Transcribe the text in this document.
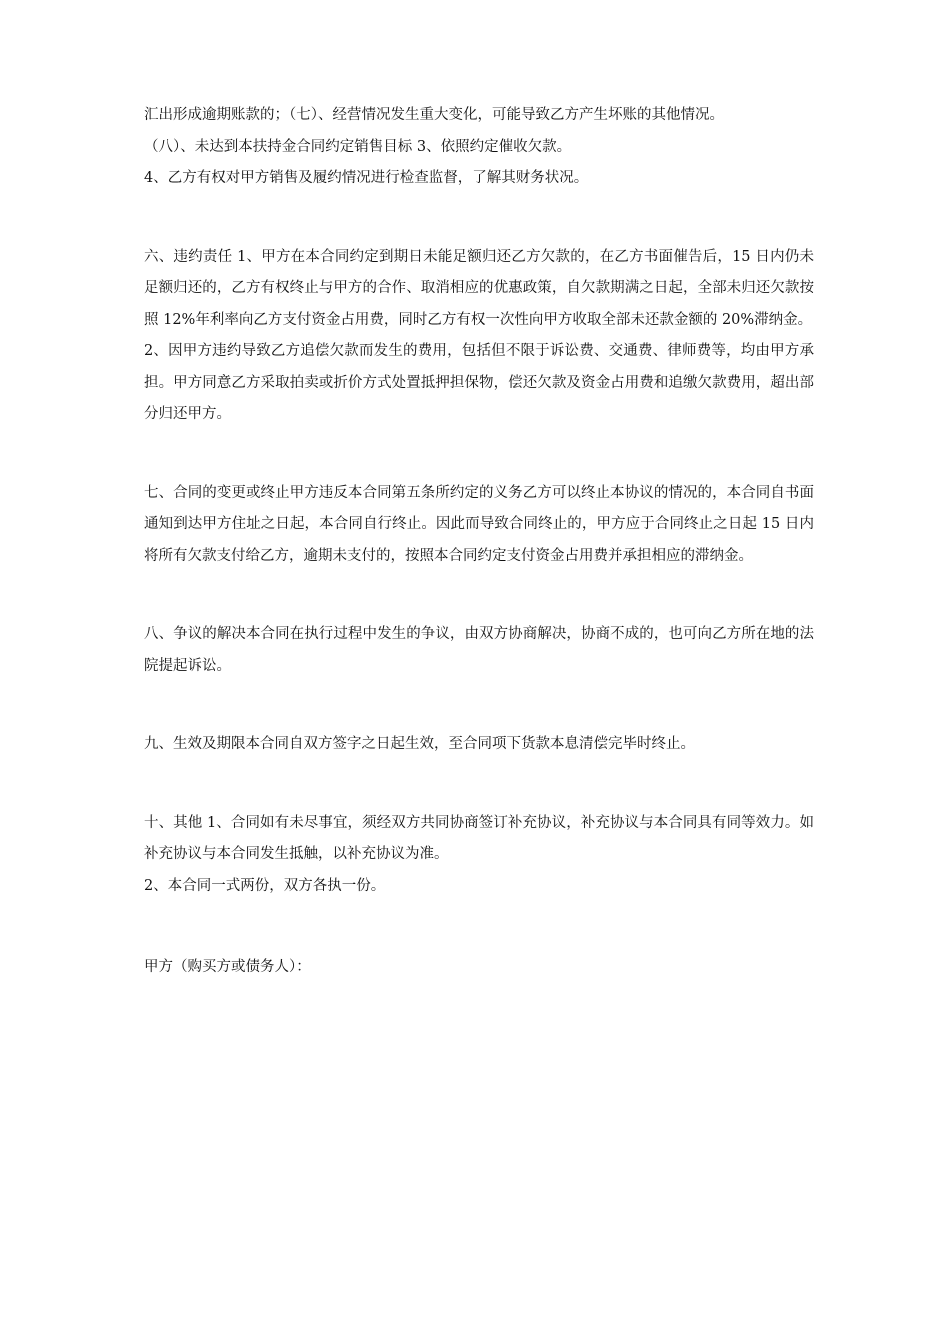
汇出形成逾期账款的；（七）、经营情况发生重大变化，可能导致乙方产生坏账的其他情况。

（八）、未达到本扶持金合同约定销售目标 3、依照约定催收欠款。

4、乙方有权对甲方销售及履约情况进行检查监督，了解其财务状况。

六、违约责任 1、甲方在本合同约定到期日未能足额归还乙方欠款的，在乙方书面催告后，15 日内仍未足额归还的，乙方有权终止与甲方的合作、取消相应的优惠政策，自欠款期满之日起，全部未归还欠款按照 12%年利率向乙方支付资金占用费，同时乙方有权一次性向甲方收取全部未还款金额的 20%滞纳金。

2、因甲方违约导致乙方追偿欠款而发生的费用，包括但不限于诉讼费、交通费、律师费等，均由甲方承担。甲方同意乙方采取拍卖或折价方式处置抵押担保物，偿还欠款及资金占用费和追缴欠款费用，超出部分归还甲方。

七、合同的变更或终止甲方违反本合同第五条所约定的义务乙方可以终止本协议的情况的，本合同自书面通知到达甲方住址之日起，本合同自行终止。因此而导致合同终止的，甲方应于合同终止之日起 15 日内将所有欠款支付给乙方，逾期未支付的，按照本合同约定支付资金占用费并承担相应的滞纳金。

八、争议的解决本合同在执行过程中发生的争议，由双方协商解决，协商不成的，也可向乙方所在地的法院提起诉讼。

九、生效及期限本合同自双方签字之日起生效，至合同项下货款本息清偿完毕时终止。

十、其他 1、合同如有未尽事宜，须经双方共同协商签订补充协议，补充协议与本合同具有同等效力。如补充协议与本合同发生抵触，以补充协议为准。

2、本合同一式两份，双方各执一份。

甲方（购买方或债务人）：
